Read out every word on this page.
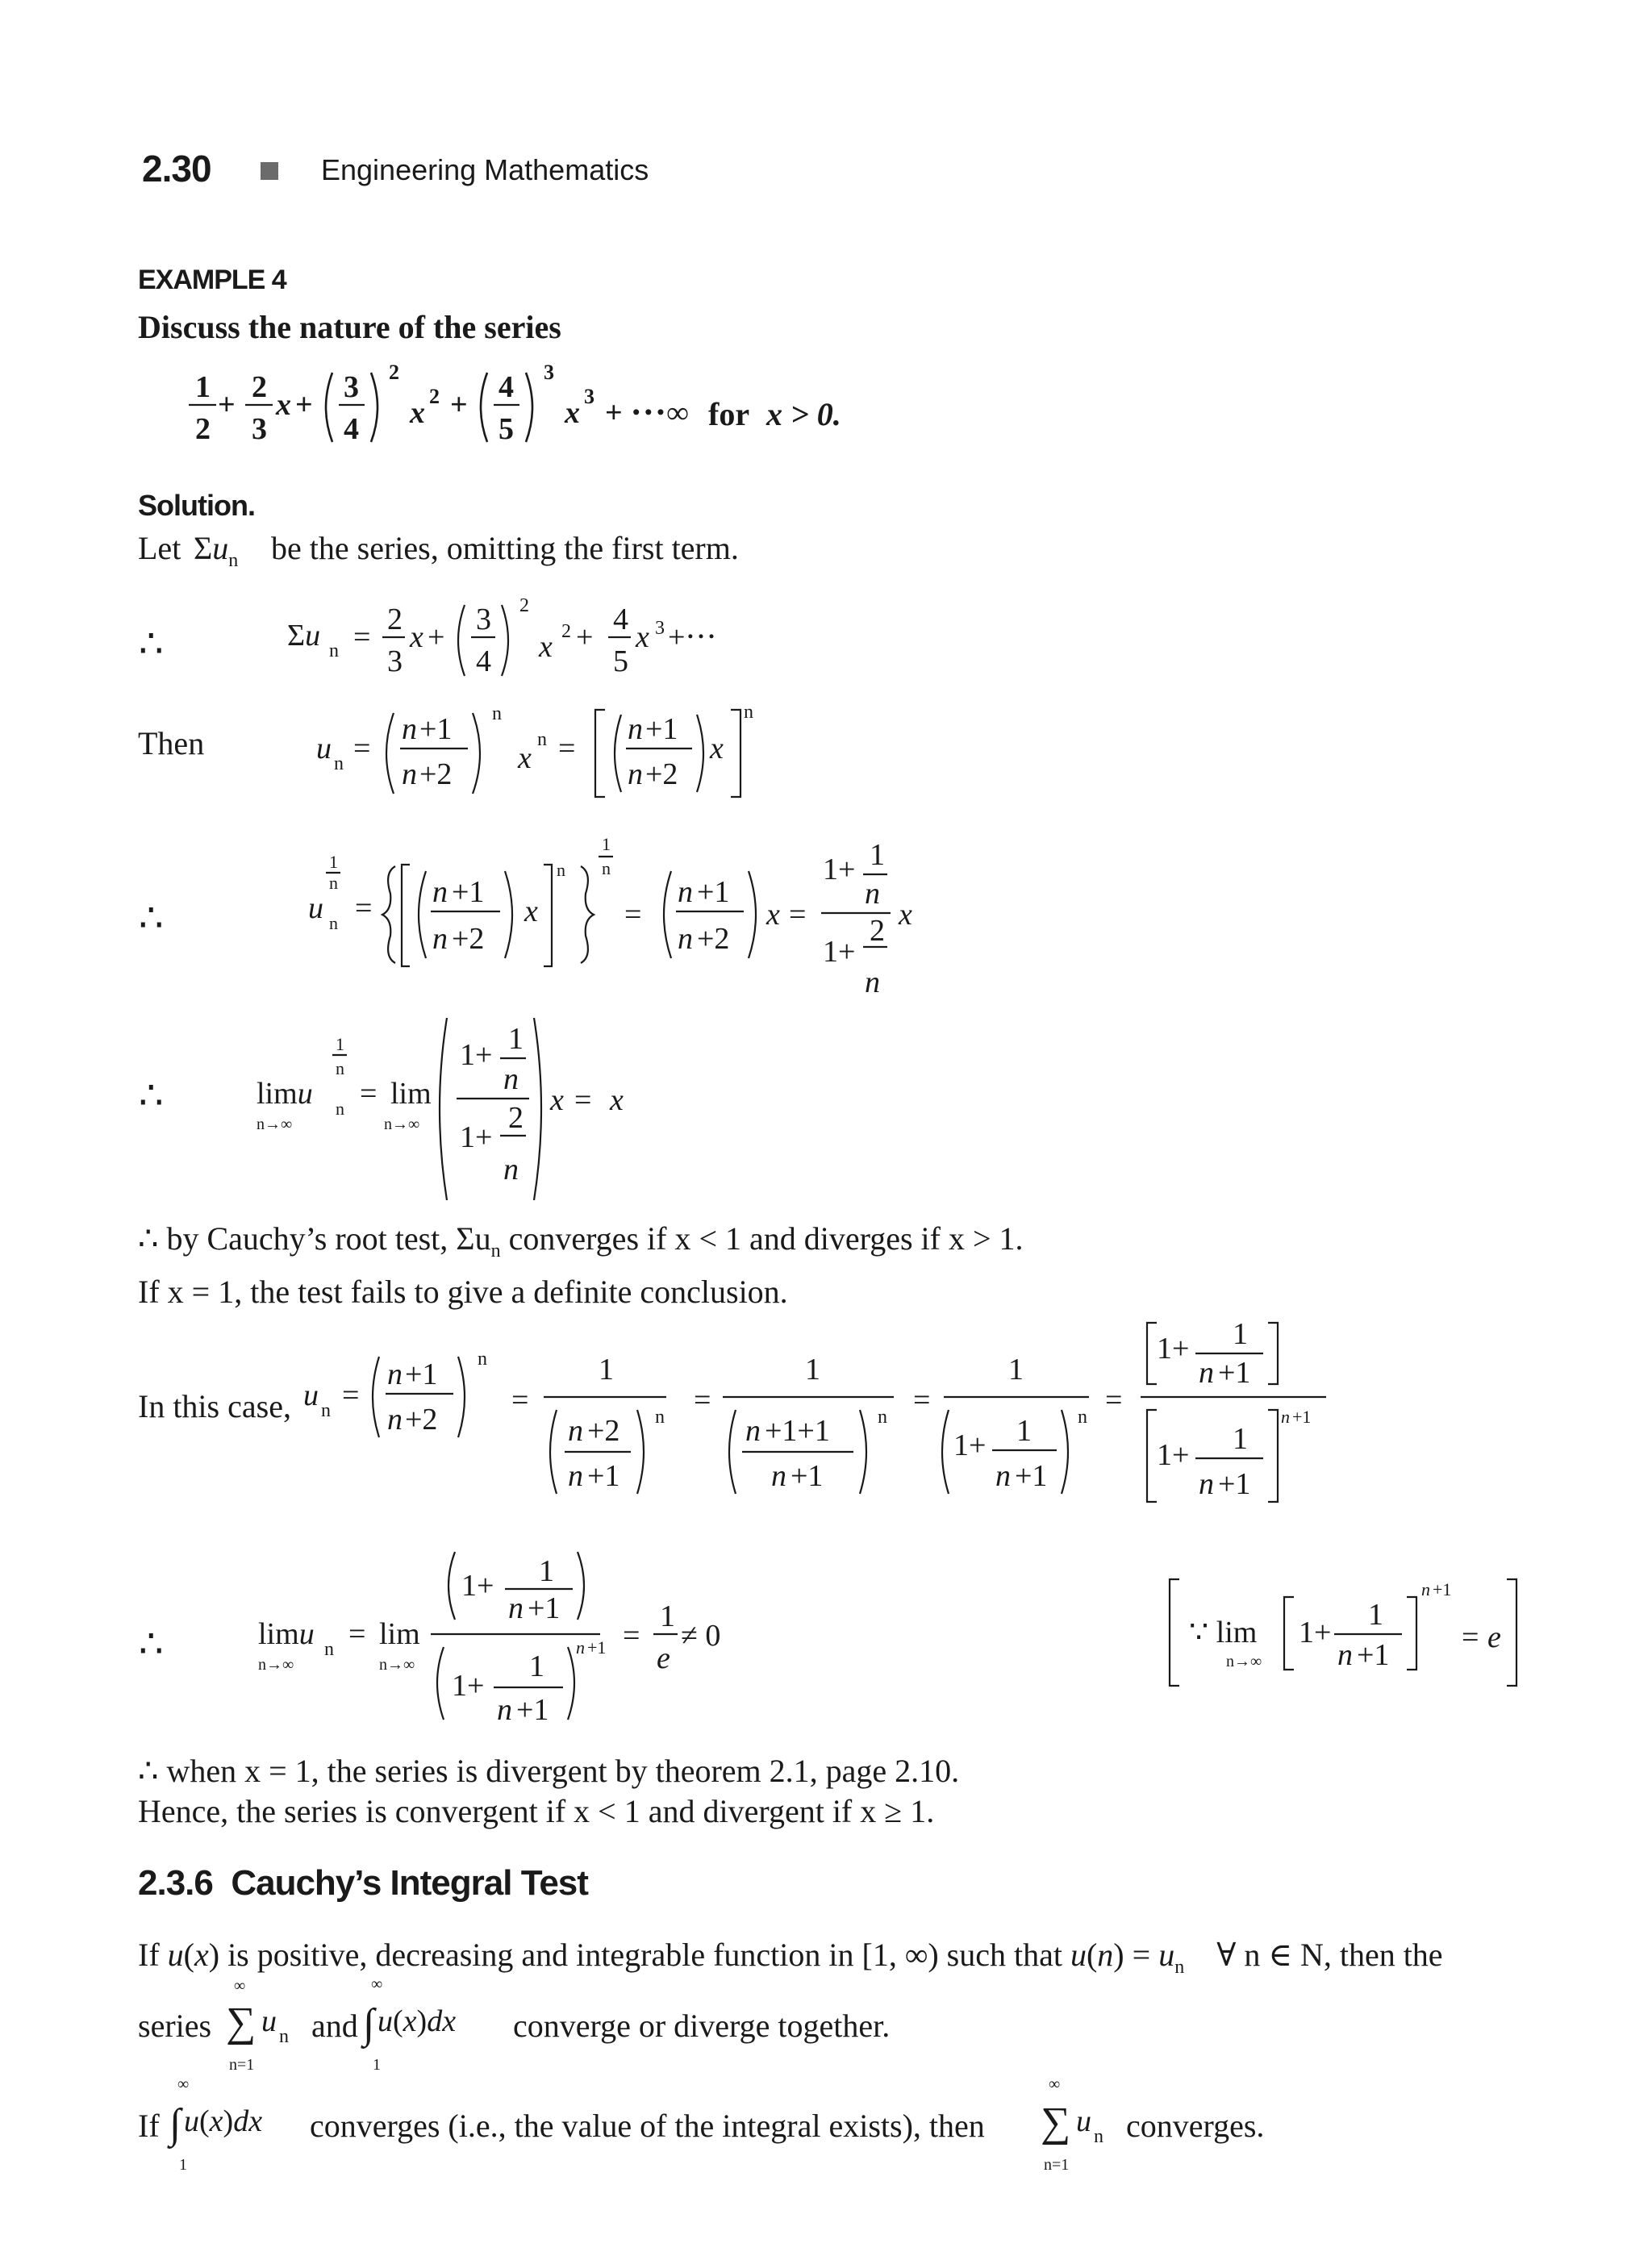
2.30	Engineering Mathematics
EXAMPLE 4
Discuss the nature of the series
1
2
+
2
3
x +
3
4
2
x 2 +
4
5
3
x 3 + ⋅⋅⋅∞ for x > 0.
Solution.
Let $\Sigma u_n$ be the series, omitting the first term.
∴	Σu n =
2
3
x +
3
4
2
x 2 +
4
5
x 3 +⋅⋅⋅
Then	u n =
n +1
n +2
n
x
n =
n +1
n +2
x
n
∴
1
n
u n = n +1
n +2
x
n
1
n
=
n +1
n +2
x =
1+ 1
n
2
1+
n
x
∴	limu
n→∞
1
n
n = lim
n→∞
1+ 1
n
2
1+
n
x = x
∴ by Cauchy’s root test, $\Sigma u_n$ converges if x < 1 and diverges if x > 1.
If x = 1, the test fails to give a definite conclusion.
In this case, u n =
n +1
n +2
n
=
1
n +2
n +1
n =
1
n +1+1
n +1
n =
1
1+ 1
n +1
n =
1+ 1
n +1
1+ 1
n +1
n +1
∴	limu n
n→∞
= lim
n→∞
1+ 1
n +1
1+
1
n +1
n +1 =
1
e
≠ 0	∵ lim
n→∞
1+
1
n +1
n +1
= e
∴ when x = 1, the series is divergent by theorem 2.1, page 2.10.
Hence, the series is convergent if x < 1 and divergent if x ≥ 1.
2.3.6 Cauchy’s Integral Test
If u(x) is positive, decreasing and integrable function in [1, ∞) such that $u(n) = u_n$ ∀ n ∈ N, then the
series
∞
∑ u n
n=1
∞
∫ u(x)dx
1
and	converge or diverge together.
If
∞
∫ u(x)dx
1
converges (i.e., the value of the integral exists), then
∞
∑ u n
n=1
converges.
